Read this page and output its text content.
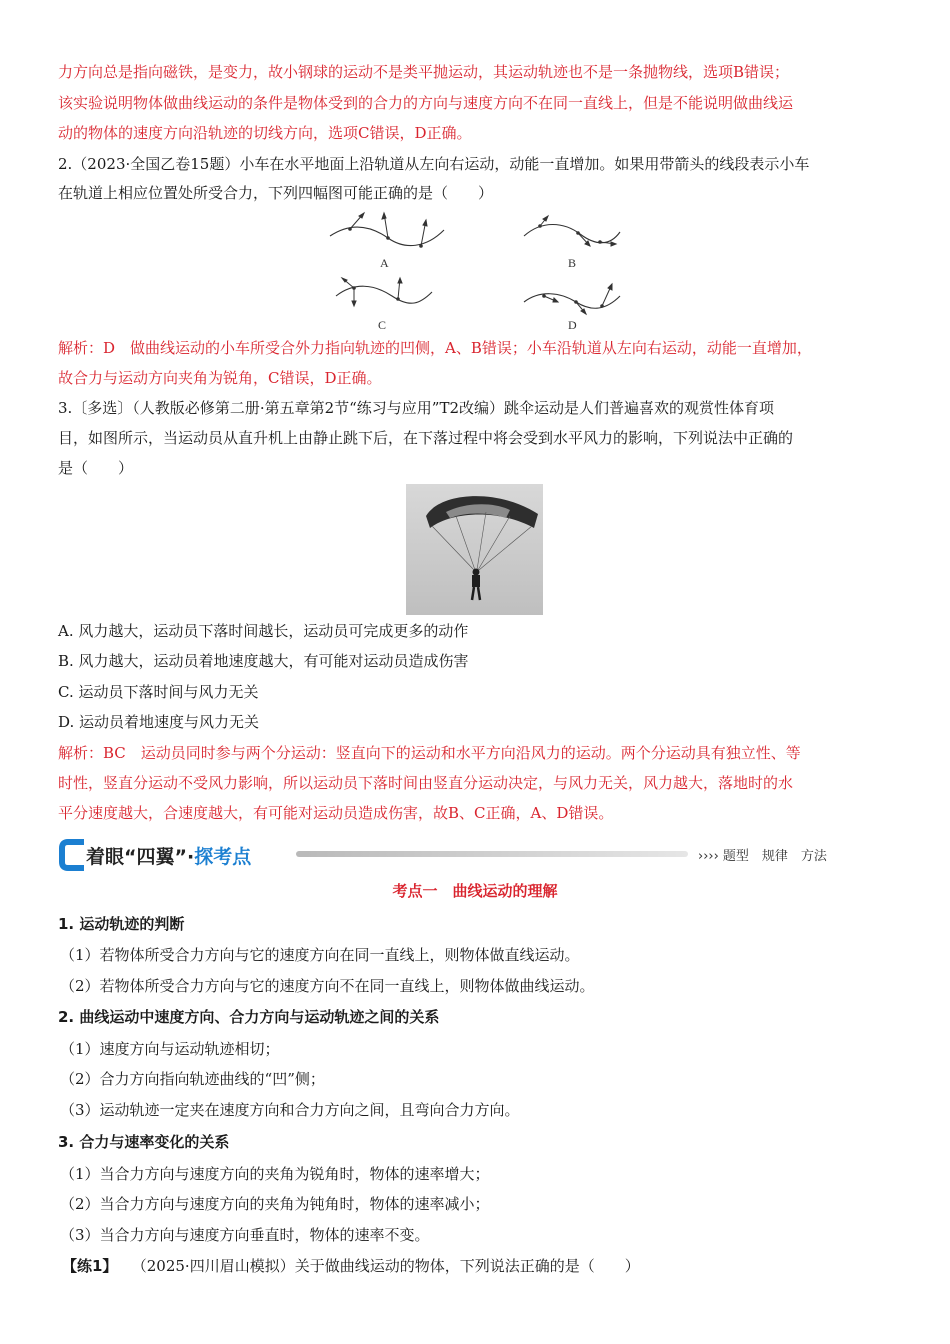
力方向总是指向磁铁，是变力，故小钢球的运动不是类平抛运动，其运动轨迹也不是一条抛物线，选项B错误；
该实验说明物体做曲线运动的条件是物体受到的合力的方向与速度方向不在同一直线上，但是不能说明做曲线运
动的物体的速度方向沿轨迹的切线方向，选项C错误，D正确。
2.（2023·全国乙卷15题）小车在水平地面上沿轨道从左向右运动，动能一直增加。如果用带箭头的线段表示小车
在轨道上相应位置处所受合力，下列四幅图可能正确的是（　　）
A	B
C	D
解析：D　做曲线运动的小车所受合外力指向轨迹的凹侧，A、B错误；小车沿轨道从左向右运动，动能一直增加，
故合力与运动方向夹角为锐角，C错误，D正确。
3.〔多选〕（人教版必修第二册·第五章第2节“练习与应用”T2改编）跳伞运动是人们普遍喜欢的观赏性体育项
目，如图所示，当运动员从直升机上由静止跳下后，在下落过程中将会受到水平风力的影响，下列说法中正确的
是（　　）
A. 风力越大，运动员下落时间越长，运动员可完成更多的动作
B. 风力越大，运动员着地速度越大，有可能对运动员造成伤害
C. 运动员下落时间与风力无关
D. 运动员着地速度与风力无关
解析：BC　运动员同时参与两个分运动：竖直向下的运动和水平方向沿风力的运动。两个分运动具有独立性、等
时性，竖直分运动不受风力影响，所以运动员下落时间由竖直分运动决定，与风力无关，风力越大，落地时的水
平分速度越大，合速度越大，有可能对运动员造成伤害，故B、C正确，A、D错误。
着眼“四翼”·探考点	›››› 题型　规律　方法
考点一　曲线运动的理解
1. 运动轨迹的判断
（1）若物体所受合力方向与它的速度方向在同一直线上，则物体做直线运动。
（2）若物体所受合力方向与它的速度方向不在同一直线上，则物体做曲线运动。
2. 曲线运动中速度方向、合力方向与运动轨迹之间的关系
（1）速度方向与运动轨迹相切；
（2）合力方向指向轨迹曲线的“凹”侧；
（3）运动轨迹一定夹在速度方向和合力方向之间，且弯向合力方向。
3. 合力与速率变化的关系
（1）当合力方向与速度方向的夹角为锐角时，物体的速率增大；
（2）当合力方向与速度方向的夹角为钝角时，物体的速率减小；
（3）当合力方向与速度方向垂直时，物体的速率不变。
【练1】 （2025·四川眉山模拟）关于做曲线运动的物体，下列说法正确的是（　　）
